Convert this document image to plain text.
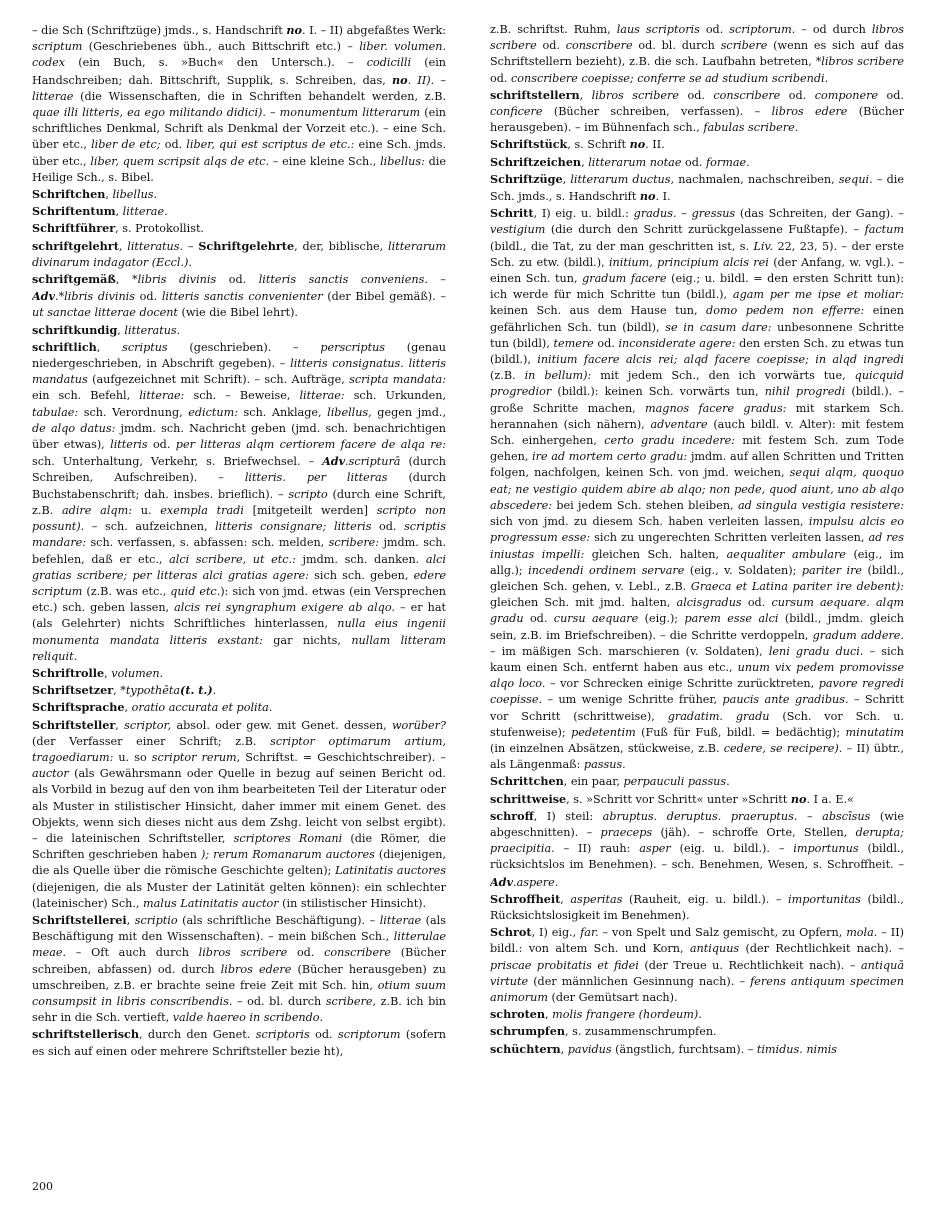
– die Sch (Schriftzüge) jmds., s. Handschrift no. I. – II) abgefaßtes Werk: scriptum (Geschriebenes übh., auch Bittschrift etc.) – liber. volumen. codex (ein Buch, s. »Buch« den Untersch.). – codicilli (ein Handschreiben; dah. Bittschrift, Supplik, s. Schreiben, das, no. II). – litterae (die Wissenschaften, die in Schriften behandelt werden, z.B. quae illi litteris, ea ego militando didici). – monumentum litterarum (ein schriftliches Denkmal, Schrift als Denkmal der Vorzeit etc.). – eine Sch. über etc., liber de etc; od. liber, qui est scriptus de etc.: eine Sch. jmds. über etc., liber, quem scripsit alqs de etc. – eine kleine Sch., libellus: die Heilige Sch., s. Bibel.

Schriftchen, libellus.

Schriftentum, litterae.

Schriftführer, s. Protokollist.

schriftgelehrt, litteratus. – Schriftgelehrte, der, biblische, litterarum divinarum indagator (Eccl.).

schriftgemäß, *libris divinis od. litteris sanctis conveniens. – Adv.*libris divinis od. litteris sanctis convenienter (der Bibel gemäß). – ut sanctae litterae docent (wie die Bibel lehrt).

schriftkundig, litteratus.

schriftlich, scriptus (geschrieben). – perscriptus (genau niedergeschrieben, in Abschrift gegeben). – litteris consignatus. litteris mandatus (aufgezeichnet mit Schrift). – sch. Aufträge, scripta mandata: ein sch. Befehl, litterae: sch. – Beweise, litterae: sch. Urkunden, tabulae: sch. Verordnung, edictum: sch. Anklage, libellus, gegen jmd., de alqo datus: jmdm. sch. Nachricht geben (jmd. sch. benachrichtigen über etwas), litteris od. per litteras alqm certiorem facere de alqa re: sch. Unterhaltung, Verkehr, s. Briefwechsel. – Adv.scripturā (durch Schreiben, Aufschreiben). – litteris. per litteras (durch Buchstabenschrift; dah. insbes. brieflich). – scripto (durch eine Schrift, z.B. adire alqm: u. exempla tradi [mitgeteilt werden] scripto non possunt). – sch. aufzeichnen, litteris consignare; litteris od. scriptis mandare: sch. verfassen, s. abfassen: sch. melden, scribere: jmdm. sch. befehlen, daß er etc., alci scribere, ut etc.: jmdm. sch. danken. alci gratias scribere; per litteras alci gratias agere: sich sch. geben, edere scriptum (z.B. was etc., quid etc.): sich von jmd. etwas (ein Versprechen etc.) sch. geben lassen, alcis rei syngraphum exigere ab alqo. – er hat (als Gelehrter) nichts Schriftliches hinterlassen, nulla eius ingenii monumenta mandata litteris exstant: gar nichts, nullam litteram reliquit.

Schriftrolle, volumen.

Schriftsetzer, *typothēta(t. t.).

Schriftsprache, oratio accurata et polita.

Schriftsteller, scriptor, absol. oder gew. mit Genet. dessen, worüber?(der Verfasser einer Schrift; z.B. scriptor optimarum artium, tragoediarum: u. so scriptor rerum, Schriftst. = Geschichtschreiber). – auctor (als Gewährsmann oder Quelle in bezug auf seinen Bericht od. als Vorbild in bezug auf den von ihm bearbeiteten Teil der Literatur oder als Muster in stilistischer Hinsicht, daher immer mit einem Genet. des Objekts, wenn sich dieses nicht aus dem Zshg. leicht von selbst ergibt). – die lateinischen Schriftsteller, scriptores Romani (die Römer, die Schriften geschrieben haben ); rerum Romanarum auctores (diejenigen, die als Quelle über die römische Geschichte gelten); Latinitatis auctores (diejenigen, die als Muster der Latinität gelten können): ein schlechter (lateinischer) Sch., malus Latinitatis auctor (in stilistischer Hinsicht).

Schriftstellerei, scriptio (als schriftliche Beschäftigung). – litterae (als Beschäftigung mit den Wissenschaften). – mein bißchen Sch., litterulae meae. – Oft auch durch libros scribere od. conscribere (Bücher schreiben, abfassen) od. durch libros edere (Bücher herausgeben) zu umschreiben, z.B. er brachte seine freie Zeit mit Sch. hin, otium suum consumpsit in libris conscribendis. – od. bl. durch scribere, z.B. ich bin sehr in die Sch. vertieft, valde haereo in scribendo.

schriftstellerisch, durch den Genet. scriptoris od. scriptorum (sofern es sich auf einen oder mehrere Schriftsteller bezie ht),

z.B. schriftst. Ruhm, laus scriptoris od. scriptorum. – od durch libros scribere od. conscribere od. bl. durch scribere (wenn es sich auf das Schriftstellern bezieht), z.B. die sch. Laufbahn betreten, *libros scribere od. conscribere coepisse; conferre se ad studium scribendi.

schriftstellern, libros scribere od. conscribere od. componere od. conficere (Bücher schreiben, verfassen). – libros edere (Bücher herausgeben). – im Bühnenfach sch., fabulas scribere.

Schriftstück, s. Schrift no. II.

Schriftzeichen, litterarum notae od. formae.

Schriftzüge, litterarum ductus, nachmalen, nachschreiben, sequi. – die Sch. jmds., s. Handschrift no. I.

Schritt, I) eig. u. bildl.: gradus. – gressus (das Schreiten, der Gang). – vestigium (die durch den Schritt zurückgelassene Fußtapfe). – factum (bildl., die Tat, zu der man geschritten ist, s. Liv. 22, 23, 5). – der erste Sch. zu etw. (bildl.), initium, principium alcis rei (der Anfang, w. vgl.). – einen Sch. tun, gradum facere (eig.; u. bildl. = den ersten Schritt tun): ich werde für mich Schritte tun (bildl.), agam per me ipse et moliar: keinen Sch. aus dem Hause tun, domo pedem non efferre: einen gefährlichen Sch. tun (bildl), se in casum dare: unbesonnene Schritte tun (bildl), temere od. inconsiderate agere: den ersten Sch. zu etwas tun (bildl.), initium facere alcis rei; alqd facere coepisse; in alqd ingredi (z.B. in bellum): mit jedem Sch., den ich vorwärts tue, quicquid progredior (bildl.): keinen Sch. vorwärts tun, nihil progredi (bildl.). – große Schritte machen, magnos facere gradus: mit starkem Sch. herannahen (sich nähern), adventare (auch bildl. v. Alter): mit festem Sch. einhergehen, certo gradu incedere: mit festem Sch. zum Tode gehen, ire ad mortem certo gradu: jmdm. auf allen Schritten und Tritten folgen, nachfolgen, keinen Sch. von jmd. weichen, sequi alqm, quoquo eat; ne vestigio quidem abire ab alqo; non pede, quod aiunt, uno ab alqo abscedere: bei jedem Sch. stehen bleiben, ad singula vestigia resistere: sich von jmd. zu diesem Sch. haben verleiten lassen, impulsu alcis eo progressum esse: sich zu ungerechten Schritten verleiten lassen, ad res iniustas impelli: gleichen Sch. halten, aequaliter ambulare (eig., im allg.); incedendi ordinem servare (eig., v. Soldaten); pariter ire (bildl., gleichen Sch. gehen, v. Lebl., z.B. Graeca et Latina pariter ire debent): gleichen Sch. mit jmd. halten, alcisgradus od. cursum aequare. alqm gradu od. cursu aequare (eig.); parem esse alci (bildl., jmdm. gleich sein, z.B. im Briefschreiben). – die Schritte verdoppeln, gradum addere. – im mäßigen Sch. marschieren (v. Soldaten), leni gradu duci. – sich kaum einen Sch. entfernt haben aus etc., unum vix pedem promovisse alqo loco. – vor Schrecken einige Schritte zurücktreten, pavore regredi coepisse. – um wenige Schritte früher, paucis ante gradibus. – Schritt vor Schritt (schrittweise), gradatim. gradu (Sch. vor Sch. u. stufenweise); pedetentim (Fuß für Fuß, bildl. = bedächtig); minutatim (in einzelnen Absätzen, stückweise, z.B. cedere, se recipere). – II) übtr., als Längenmaß: passus.

Schrittchen, ein paar, perpauculi passus.

schrittweise, s. »Schritt vor Schritt« unter »Schritt no. I a. E.«

schroff, I) steil: abruptus. deruptus. praeruptus. – abscīsus (wie abgeschnitten). – praeceps (jäh). – schroffe Orte, Stellen, derupta; praecipitia. – II) rauh: asper (eig. u. bildl.). – importunus (bildl., rücksichtslos im Benehmen). – sch. Benehmen, Wesen, s. Schroffheit. – Adv.aspere.

Schroffheit, asperitas (Rauheit, eig. u. bildl.). – importunitas (bildl., Rücksichtslosigkeit im Benehmen).

Schrot, I) eig., far. – von Spelt und Salz gemischt, zu Opfern, mola. – II) bildl.: von altem Sch. und Korn, antiquus (der Rechtlichkeit nach). – priscae probitatis et fidei (der Treue u. Rechtlichkeit nach). – antiquā virtute (der männlichen Gesinnung nach). – ferens antiquum specimen animorum (der Gemütsart nach).

schroten, molis frangere (hordeum).

schrumpfen, s. zusammenschrumpfen.

schüchtern, pavidus (ängstlich, furchtsam). – timidus. nimis

200
